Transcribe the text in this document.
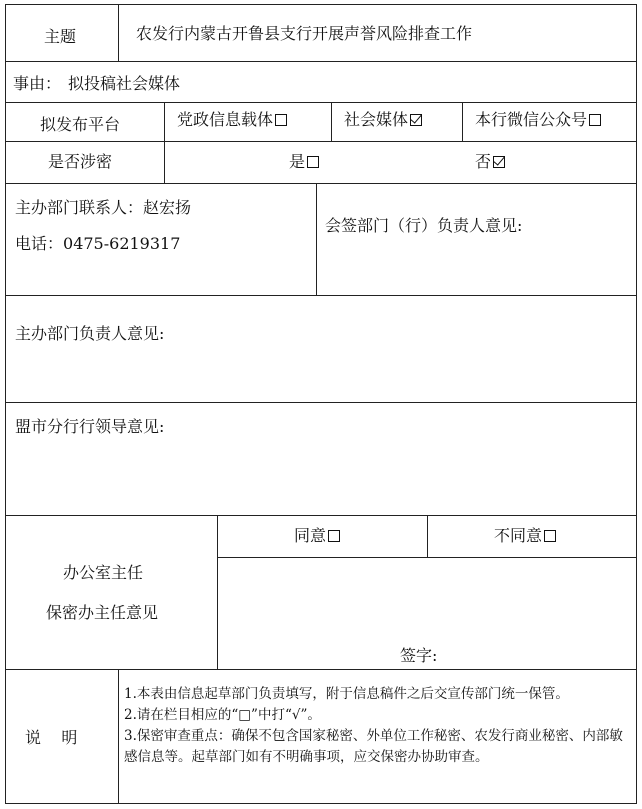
主题	农发行内蒙古开鲁县支行开展声誉风险排查工作
事由： 拟投稿社会媒体
拟发布平台	党政信息载体	社会媒体	本行微信公众号
是否涉密	是	否
主办部门联系人：赵宏扬
电话：0475-6219317
会签部门（行）负责人意见:
主办部门负责人意见:
盟市分行行领导意见:
办公室主任
保密办主任意见
同意	不同意
签字:
说    明

1.本表由信息起草部门负责填写，附于信息稿件之后交宣传部门统一保管。

2.请在栏目相应的“□”中打“√”。

3.保密审查重点：确保不包含国家秘密、外单位工作秘密、农发行商业秘密、内部敏感信息等。起草部门如有不明确事项，应交保密办协助审查。
